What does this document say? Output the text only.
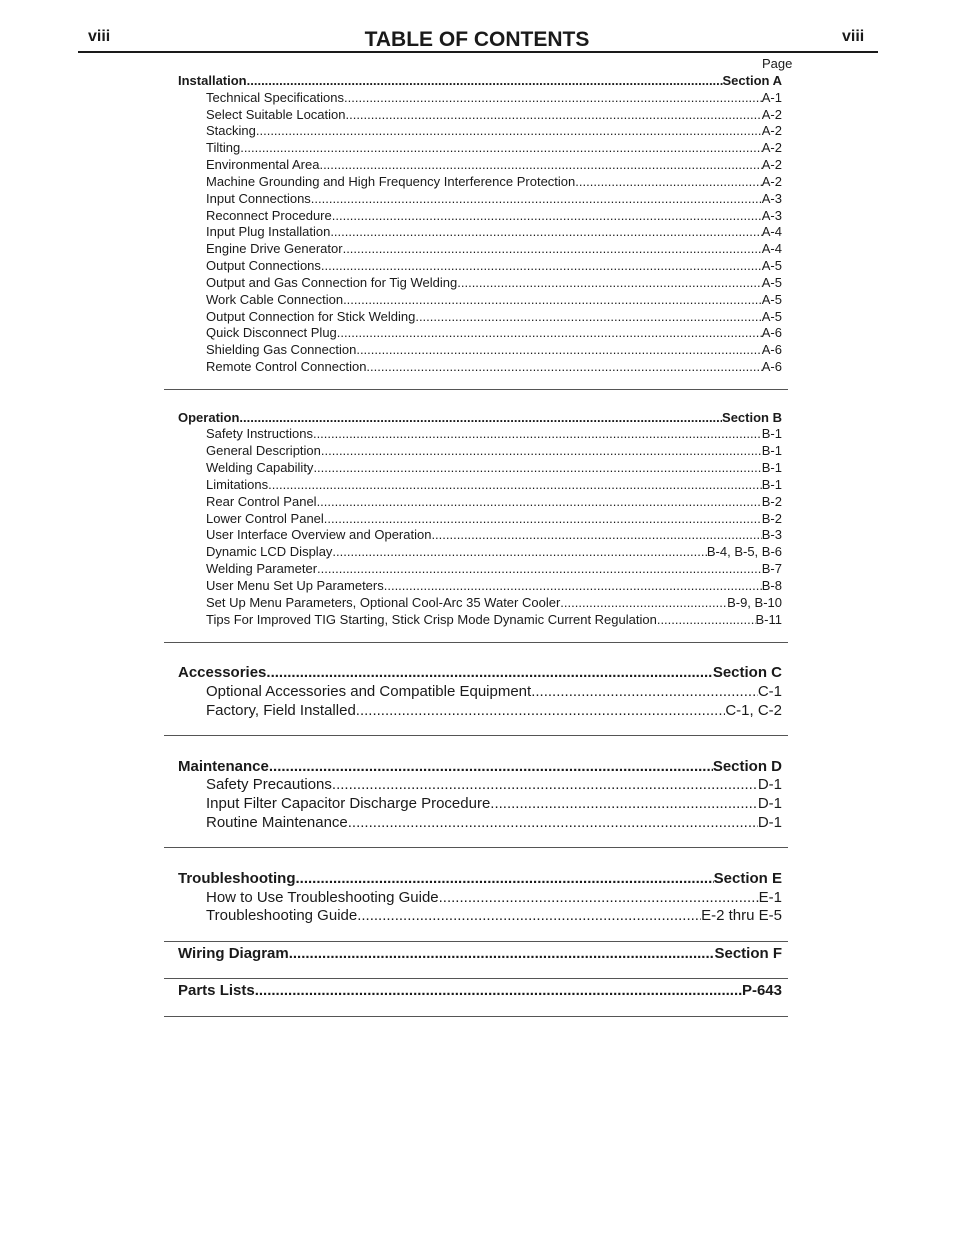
viii	TABLE OF CONTENTS	viii
Page
Installation .....	Section A
Technical Specifications .....	A-1
Select Suitable Location .....	A-2
Stacking .....	A-2
Tilting .....	A-2
Environmental Area .....	A-2
Machine Grounding and High Frequency Interference Protection .....	A-2
Input Connections .....	A-3
Reconnect Procedure .....	A-3
Input Plug Installation .....	A-4
Engine Drive Generator .....	A-4
Output Connections .....	A-5
Output and Gas Connection for Tig Welding .....	A-5
Work Cable Connection .....	A-5
Output Connection for Stick Welding .....	A-5
Quick Disconnect Plug .....	A-6
Shielding Gas Connection .....	A-6
Remote Control Connection .....	A-6
Operation .....	Section B
Safety Instructions .....	B-1
General Description .....	B-1
Welding Capability .....	B-1
Limitations .....	B-1
Rear Control Panel .....	B-2
Lower Control Panel .....	B-2
User Interface Overview and Operation .....	B-3
Dynamic LCD Display .....	B-4, B-5, B-6
Welding Parameter .....	B-7
User Menu Set Up Parameters .....	B-8
Set Up Menu Parameters, Optional Cool-Arc 35 Water Cooler .....	B-9, B-10
Tips For Improved TIG Starting, Stick Crisp Mode Dynamic Current Regulation .....	B-11
Accessories .....	Section C
Optional Accessories and Compatible Equipment .....	C-1
Factory, Field Installed .....	C-1, C-2
Maintenance .....	Section D
Safety Precautions .....	D-1
Input Filter Capacitor Discharge Procedure .....	D-1
Routine Maintenance .....	D-1
Troubleshooting .....	Section E
How to Use Troubleshooting Guide .....	E-1
Troubleshooting Guide .....	E-2 thru E-5
Wiring Diagram .....	Section F
Parts Lists .....	P-643
